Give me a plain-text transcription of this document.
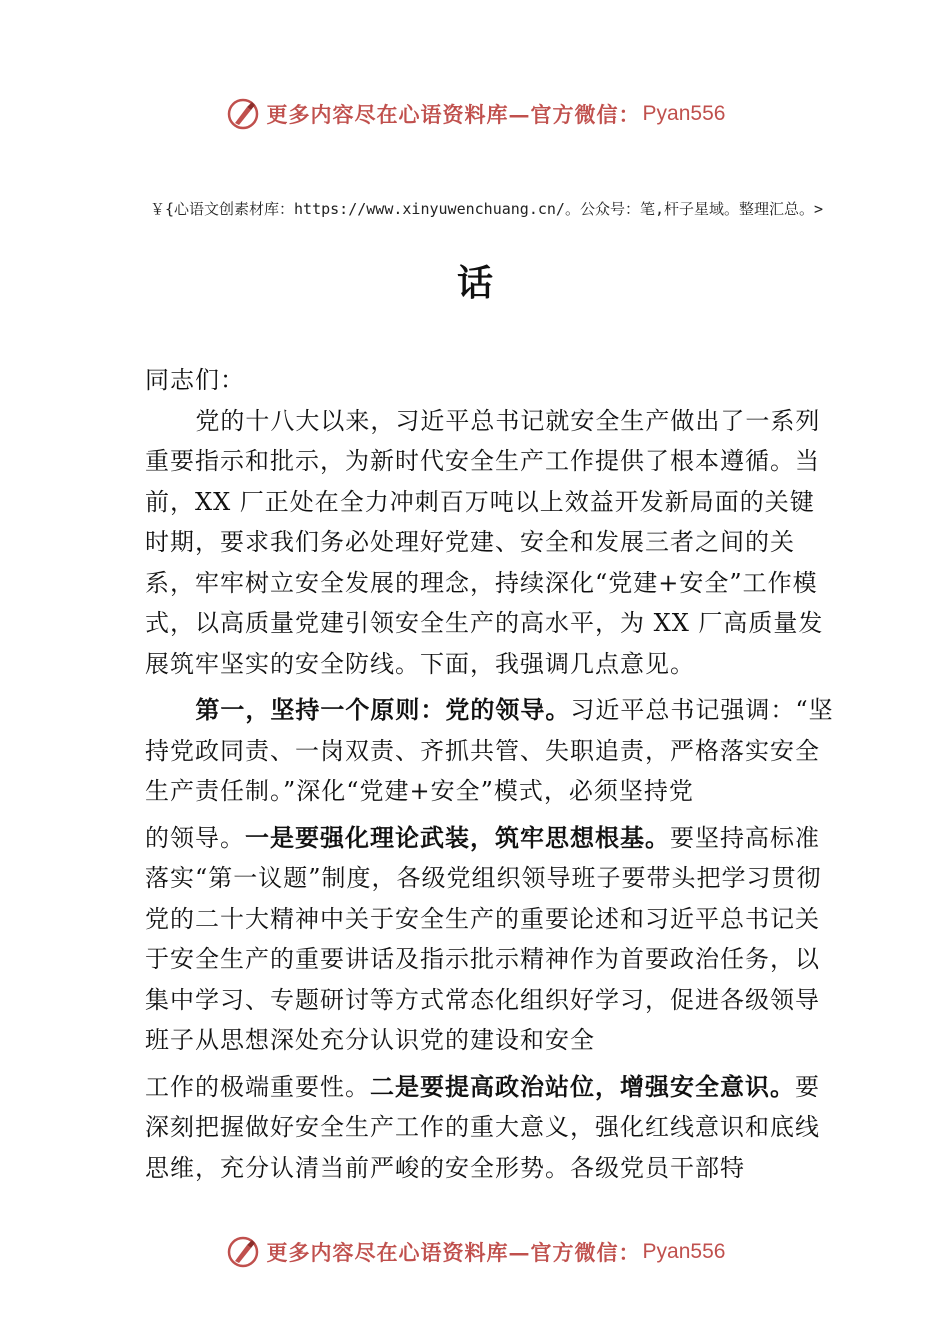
更多内容尽在心语资料库—官方微信： Pyan556
￥{心语文创素材库：https://www.xinyuwenchuang.cn/。公众号：笔,杆子星域。整理汇总。>
话

同志们：

党的十八大以来，习近平总书记就安全生产做出了一系列重要指示和批示，为新时代安全生产工作提供了根本遵循。当前，XX 厂正处在全力冲刺百万吨以上效益开发新局面的关键时期，要求我们务必处理好党建、安全和发展三者之间的关系，牢牢树立安全发展的理念，持续深化“党建+安全”工作模式，以高质量党建引领安全生产的高水平，为 XX 厂高质量发展筑牢坚实的安全防线。下面，我强调几点意见。

第一，坚持一个原则：党的领导。习近平总书记强调：“坚持党政同责、一岗双责、齐抓共管、失职追责，严格落实安全生产责任制。”深化“党建+安全”模式，必须坚持党

的领导。一是要强化理论武装，筑牢思想根基。要坚持高标准落实“第一议题”制度，各级党组织领导班子要带头把学习贯彻党的二十大精神中关于安全生产的重要论述和习近平总书记关于安全生产的重要讲话及指示批示精神作为首要政治任务，以集中学习、专题研讨等方式常态化组织好学习，促进各级领导班子从思想深处充分认识党的建设和安全

工作的极端重要性。二是要提高政治站位，增强安全意识。要深刻把握做好安全生产工作的重大意义，强化红线意识和底线思维，充分认清当前严峻的安全形势。各级党员干部特

更多内容尽在心语资料库—官方微信： Pyan556
